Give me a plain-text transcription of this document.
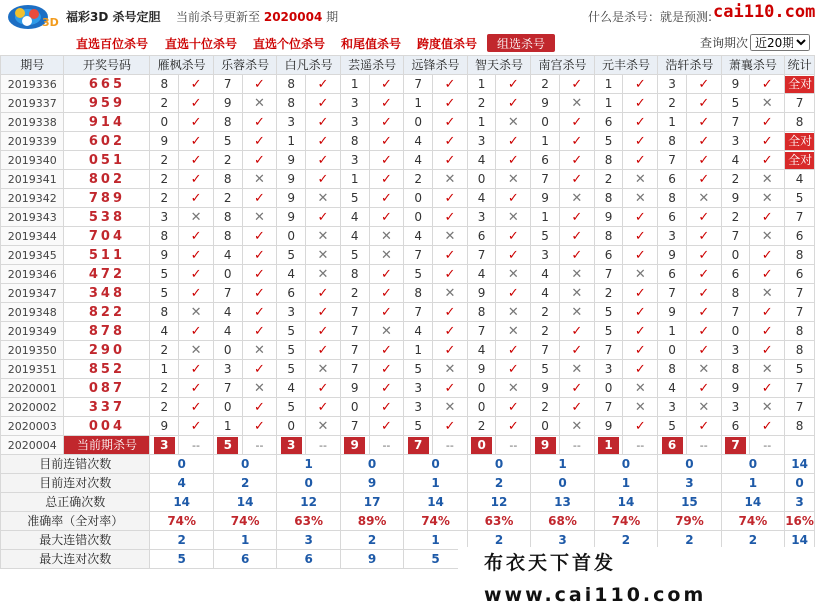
3D 福彩3D 杀号定胆 当前杀号更新至 2020004 期	什么是杀号：就是预测: cai110.com
直选百位杀号 直选十位杀号 直选个位杀号 和尾值杀号 跨度值杀号	组选杀号	查询期次
近20期
期号	开奖号码	雁枫杀号		乐蓉杀号		白凡杀号		芸遥杀号		远锋杀号		智天杀号		南宫杀号		元丰杀号		浩轩杀号		萧襄杀号		统计
2019336	665	8	✓	7	✓	8	✓	1	✓	7	✓	1	✓	2	✓	1	✓	3	✓	9	✓	全对
2019337	959	2	✓	9	✕	8	✓	3	✓	1	✓	2	✓	9	✕	1	✓	2	✓	5	✕	7
2019338	914	0	✓	8	✓	3	✓	3	✓	0	✓	1	✕	0	✓	6	✓	1	✓	7	✓	8
2019339	602	9	✓	5	✓	1	✓	8	✓	4	✓	3	✓	1	✓	5	✓	8	✓	3	✓	全对
2019340	051	2	✓	2	✓	9	✓	3	✓	4	✓	4	✓	6	✓	8	✓	7	✓	4	✓	全对
2019341	802	2	✓	8	✕	9	✓	1	✓	2	✕	0	✕	7	✓	2	✕	6	✓	2	✕	4
2019342	789	2	✓	2	✓	9	✕	5	✓	0	✓	4	✓	9	✕	8	✕	8	✕	9	✕	5
2019343	538	3	✕	8	✕	9	✓	4	✓	0	✓	3	✕	1	✓	9	✓	6	✓	2	✓	7
2019344	704	8	✓	8	✓	0	✕	4	✕	4	✕	6	✓	5	✓	8	✓	3	✓	7	✕	6
2019345	511	9	✓	4	✓	5	✕	5	✕	7	✓	7	✓	3	✓	6	✓	9	✓	0	✓	8
2019346	472	5	✓	0	✓	4	✕	8	✓	5	✓	4	✕	4	✕	7	✕	6	✓	6	✓	6
2019347	348	5	✓	7	✓	6	✓	2	✓	8	✕	9	✓	4	✕	2	✓	7	✓	8	✕	7
2019348	822	8	✕	4	✓	3	✓	7	✓	7	✓	8	✕	2	✕	5	✓	9	✓	7	✓	7
2019349	878	4	✓	4	✓	5	✓	7	✕	4	✓	7	✕	2	✓	5	✓	1	✓	0	✓	8
2019350	290	2	✕	0	✕	5	✓	7	✓	1	✓	4	✓	7	✓	7	✓	0	✓	3	✓	8
2019351	852	1	✓	3	✓	5	✕	7	✓	5	✕	9	✓	5	✕	3	✓	8	✕	8	✕	5
2020001	087	2	✓	7	✕	4	✓	9	✓	3	✓	0	✕	9	✓	0	✕	4	✓	9	✓	7
2020002	337	2	✓	0	✓	5	✓	0	✓	3	✕	0	✓	2	✓	7	✕	3	✕	3	✕	7
2020003	004	9	✓	1	✓	0	✕	7	✓	5	✓	2	✓	0	✕	9	✓	5	✓	6	✓	8
2020004	当前期杀号	3	--	5	--	3	--	9	--	7	--	0	--	9	--	1	--	6	--	7	--	
目前连错次数		0		0		1		0		0		0		1		0		0		0		14
目前连对次数		4		2		0		9		1		2		0		1		3		1		0
总正确次数		14		14		12		17		14		12		13		14		15		14		3
准确率（全对率）		74%		74%		63%		89%		74%		63%		68%		74%		79%		74%		16%
最大连错次数		2		1		3		2		1		2		3		2		2		2		14
最大连对次数		5		6		6		9		5													布衣天下首发 www.cai110.com
